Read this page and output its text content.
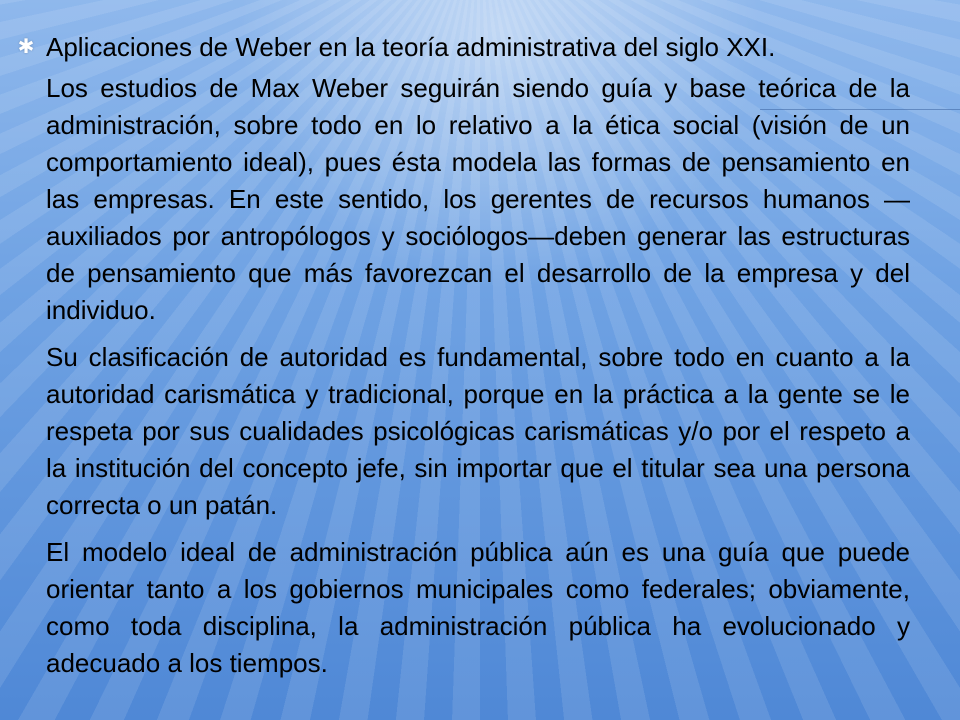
✱ Aplicaciones de Weber en la teoría administrativa del siglo XXI.

Los estudios de Max Weber seguirán siendo guía y base teórica de la administración, sobre todo en lo relativo a la ética social (visión de un comportamiento ideal), pues ésta modela las formas de pensamiento en las empresas. En este sentido, los gerentes de recursos humanos —auxiliados por antropólogos y sociólogos—deben generar las estructuras de pensamiento que más favorezcan el desarrollo de la empresa y del individuo.

Su clasificación de autoridad es fundamental, sobre todo en cuanto a la autoridad carismática y tradicional, porque en la práctica a la gente se le respeta por sus cualidades psicológicas carismáticas y/o por el respeto a la institución del concepto jefe, sin importar que el titular sea una persona correcta o un patán.

El modelo ideal de administración pública aún es una guía que puede orientar tanto a los gobiernos municipales como federales; obviamente, como toda disciplina, la administración pública ha evolucionado y adecuado a los tiempos.
